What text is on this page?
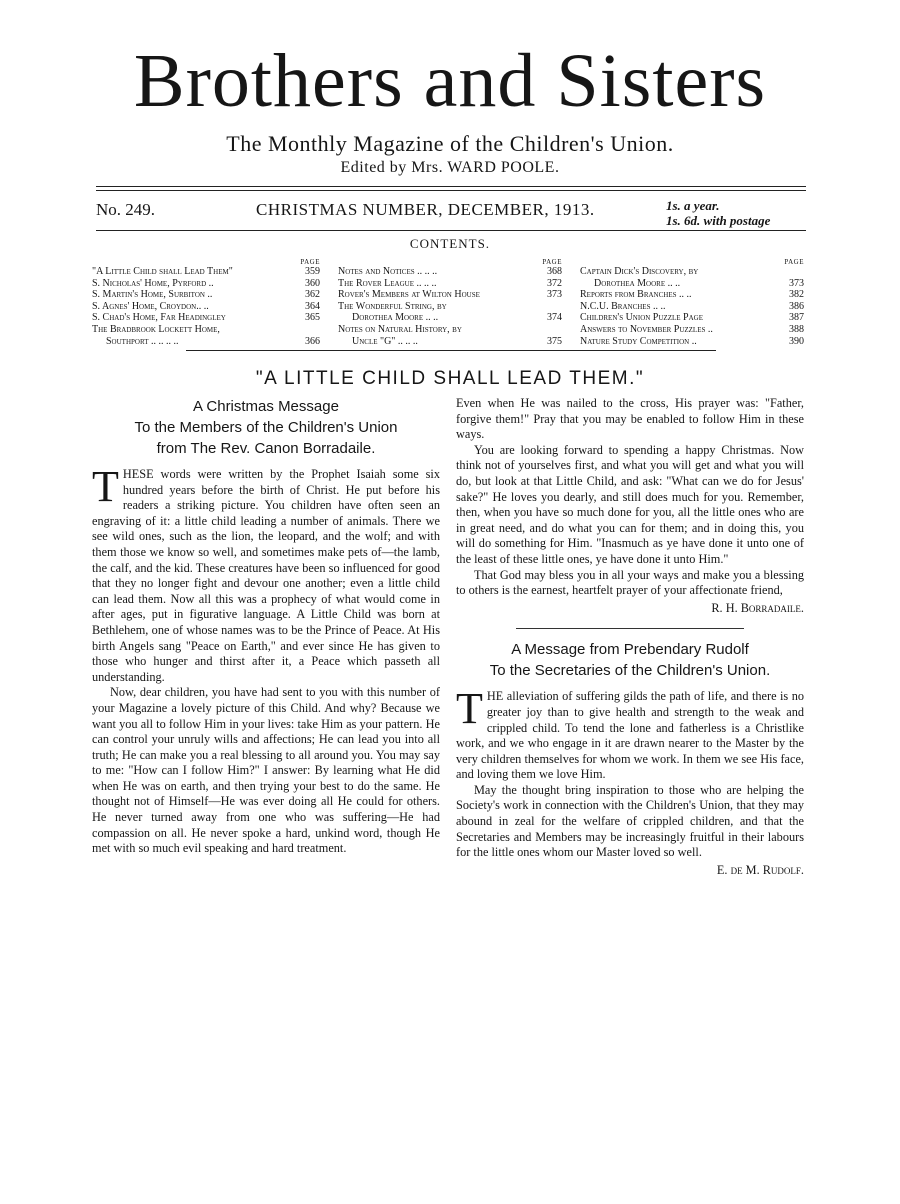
Brothers and Sisters
The Monthly Magazine of the Children's Union.
Edited by Mrs. WARD POOLE.
No. 249.	CHRISTMAS NUMBER, DECEMBER, 1913.	1s. a year.
1s. 6d. with postage
CONTENTS.
PAGE
"A Little Child shall Lead Them"	359
S. Nicholas' Home, Pyrford ..	360
S. Martin's Home, Surbiton ..	362
S. Agnes' Home, Croydon.. ..	364
S. Chad's Home, Far Headingley	365
The Bradbrook Lockett Home,
Southport .. .. .. ..	366
PAGE
Notes and Notices .. .. ..	368
The Rover League .. .. ..	372
Rover's Members at Wilton House	373
The Wonderful String, by
Dorothea Moore .. ..	374
Notes on Natural History, by
Uncle "G" .. .. ..	375
PAGE
Captain Dick's Discovery, by
Dorothea Moore .. ..	373
Reports from Branches .. ..	382
N.C.U. Branches .. ..	386
Children's Union Puzzle Page	387
Answers to November Puzzles ..	388
Nature Study Competition ..	390
"A LITTLE CHILD SHALL LEAD THEM."

A Christmas Message

To the Members of the Children's Union

from The Rev. Canon Borradaile.

T HESE words were written by the Prophet Isaiah some six hundred years before the birth of Christ. He put before his readers a striking picture. You children have often seen an engraving of it: a little child leading a number of animals. There we see wild ones, such as the lion, the leopard, and the wolf; and with them those we know so well, and sometimes make pets of—the lamb, the calf, and the kid. These creatures have been so influenced for good that they no longer fight and devour one another; even a little child can lead them. Now all this was a prophecy of what would come in after ages, put in figurative language. A Little Child was born at Bethlehem, one of whose names was to be the Prince of Peace. At His birth Angels sang "Peace on Earth," and ever since He has given to those who hunger and thirst after it, a Peace which passeth all understanding.

Now, dear children, you have had sent to you with this number of your Magazine a lovely picture of this Child. And why? Because we want you all to follow Him in your lives: take Him as your pattern. He can control your unruly wills and affections; He can lead you into all truth; He can make you a real blessing to all around you. You may say to me: "How can I follow Him?" I answer: By learning what He did when He was on earth, and then trying your best to do the same. He thought not of Himself—He was ever doing all He could for others. He never turned away from one who was suffering—He had compassion on all. He never spoke a hard, unkind word, though He met with so much evil speaking and hard treatment.

Even when He was nailed to the cross, His prayer was: "Father, forgive them!" Pray that you may be enabled to follow Him in these ways.

You are looking forward to spending a happy Christmas. Now think not of yourselves first, and what you will get and what you will do, but look at that Little Child, and ask: "What can we do for Jesus' sake?" He loves you dearly, and still does much for you. Remember, then, when you have so much done for you, all the little ones who are in great need, and do what you can for them; and in doing this, you will do something for Him. "Inasmuch as ye have done it unto one of the least of these little ones, ye have done it unto Him."

That God may bless you in all your ways and make you a blessing to others is the earnest, heartfelt prayer of your affectionate friend,

R. H. Borradaile.

A Message from Prebendary Rudolf

To the Secretaries of the Children's Union.

T HE alleviation of suffering gilds the path of life, and there is no greater joy than to give health and strength to the weak and crippled child. To tend the lone and fatherless is a Christlike work, and we who engage in it are drawn nearer to the Master by the very children themselves for whom we work. In them we see His face, and loving them we love Him.

May the thought bring inspiration to those who are helping the Society's work in connection with the Children's Union, that they may abound in zeal for the welfare of crippled children, and that the Secretaries and Members may be increasingly fruitful in their labours for the little ones whom our Master loved so well.

E. de M. Rudolf.
